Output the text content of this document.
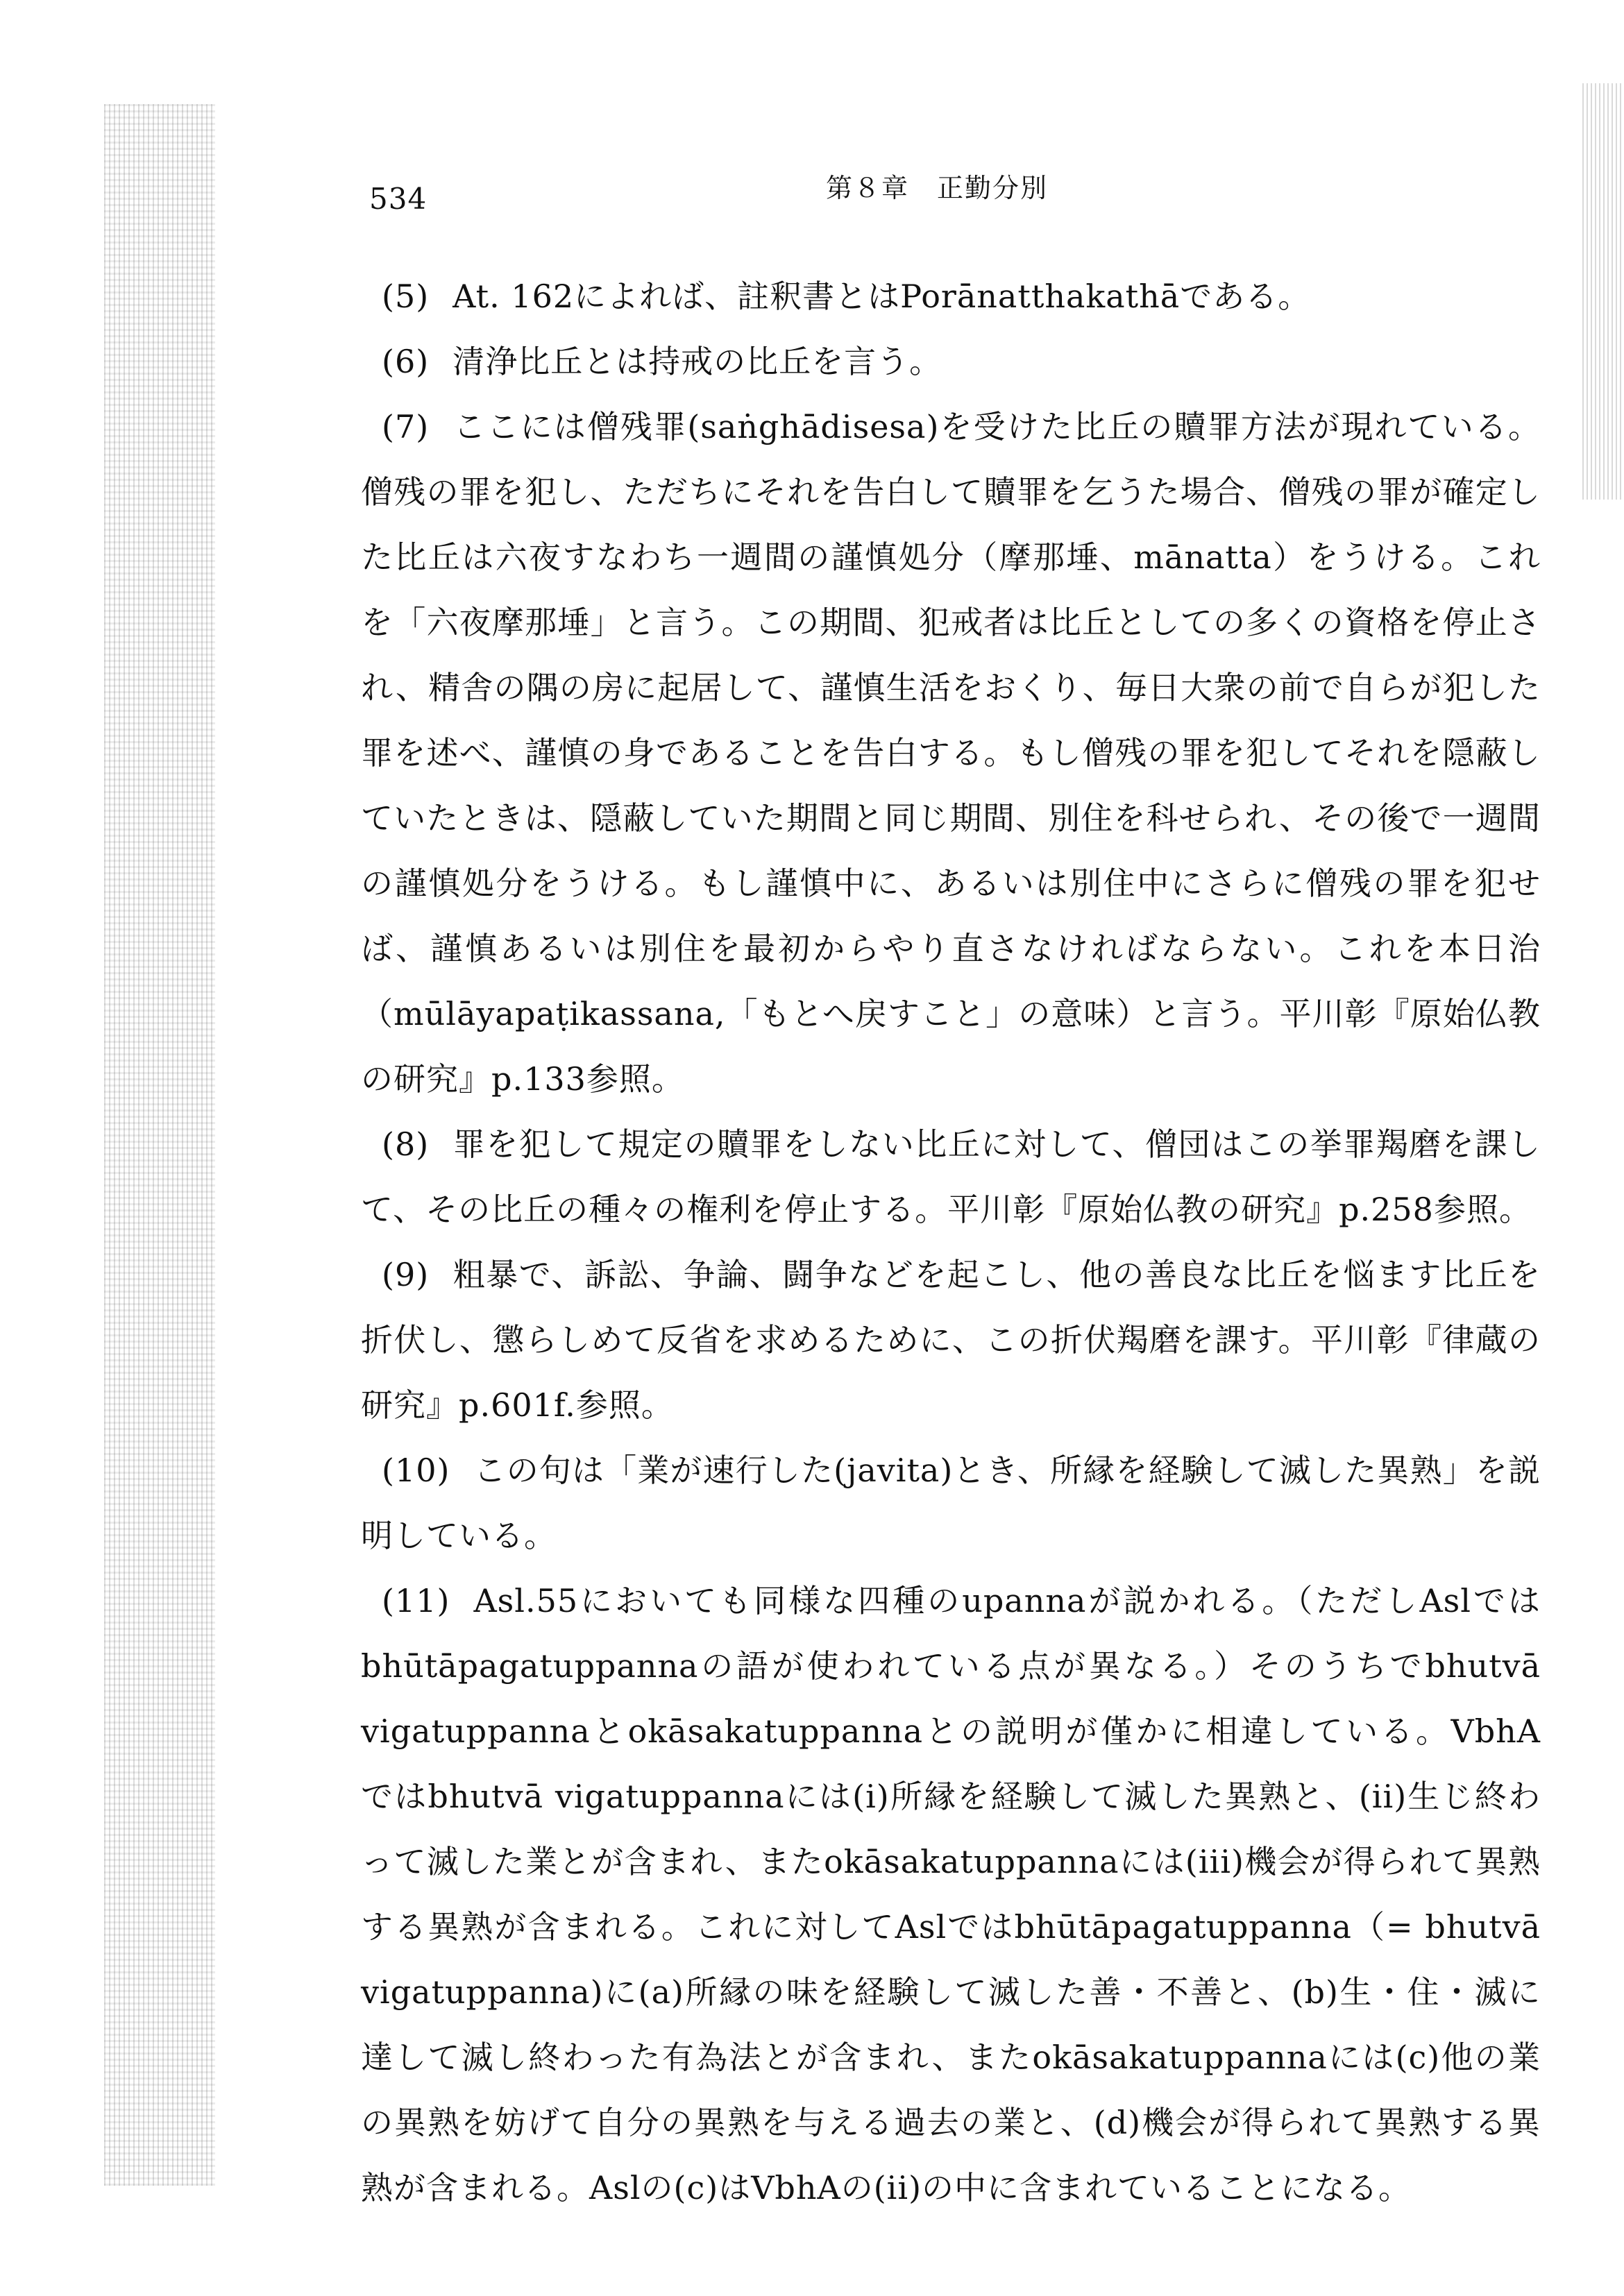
534	第８章　正勤分別

(5) At. 162によれば、註釈書とはPorānatthakathāである。

(6) 清浄比丘とは持戒の比丘を言う。

(7) ここには僧残罪(saṅghādisesa)を受けた比丘の贖罪方法が現れている。僧残の罪を犯し、ただちにそれを告白して贖罪を乞うた場合、僧残の罪が確定した比丘は六夜すなわち一週間の謹慎処分（摩那埵、mānatta）をうける。これを「六夜摩那埵」と言う。この期間、犯戒者は比丘としての多くの資格を停止され、精舎の隅の房に起居して、謹慎生活をおくり、毎日大衆の前で自らが犯した罪を述べ、謹慎の身であることを告白する。もし僧残の罪を犯してそれを隠蔽していたときは、隠蔽していた期間と同じ期間、別住を科せられ、その後で一週間の謹慎処分をうける。もし謹慎中に、あるいは別住中にさらに僧残の罪を犯せば、謹慎あるいは別住を最初からやり直さなければならない。これを本日治（mūlāyapaṭikassana,「もとへ戻すこと」の意味）と言う。平川彰『原始仏教の研究』p.133参照。

(8) 罪を犯して規定の贖罪をしない比丘に対して、僧団はこの挙罪羯磨を課して、その比丘の種々の権利を停止する。平川彰『原始仏教の研究』p.258参照。

(9) 粗暴で、訴訟、争論、闘争などを起こし、他の善良な比丘を悩ます比丘を折伏し、懲らしめて反省を求めるために、この折伏羯磨を課す。平川彰『律蔵の研究』p.601f.参照。

(10) この句は「業が速行した(javita)とき、所縁を経験して滅した異熟」を説明している。

(11) Asl.55においても同様な四種のupannaが説かれる。（ただしAslではbhūtāpagatuppannaの語が使われている点が異なる。）そのうちでbhutvā vigatuppannaとokāsakatuppannaとの説明が僅かに相違している。VbhA ではbhutvā vigatuppannaには(i)所縁を経験して滅した異熟と、(ii)生じ終わって滅した業とが含まれ、またokāsakatuppannaには(iii)機会が得られて異熟する異熟が含まれる。これに対してAslではbhūtāpagatuppanna（= bhutvā vigatuppanna)に(a)所縁の味を経験して滅した善・不善と、(b)生・住・滅に達して滅し終わった有為法とが含まれ、またokāsakatuppannaには(c)他の業の異熟を妨げて自分の異熟を与える過去の業と、(d)機会が得られて異熟する異熟が含まれる。Aslの(c)はVbhAの(ii)の中に含まれていることになる。
